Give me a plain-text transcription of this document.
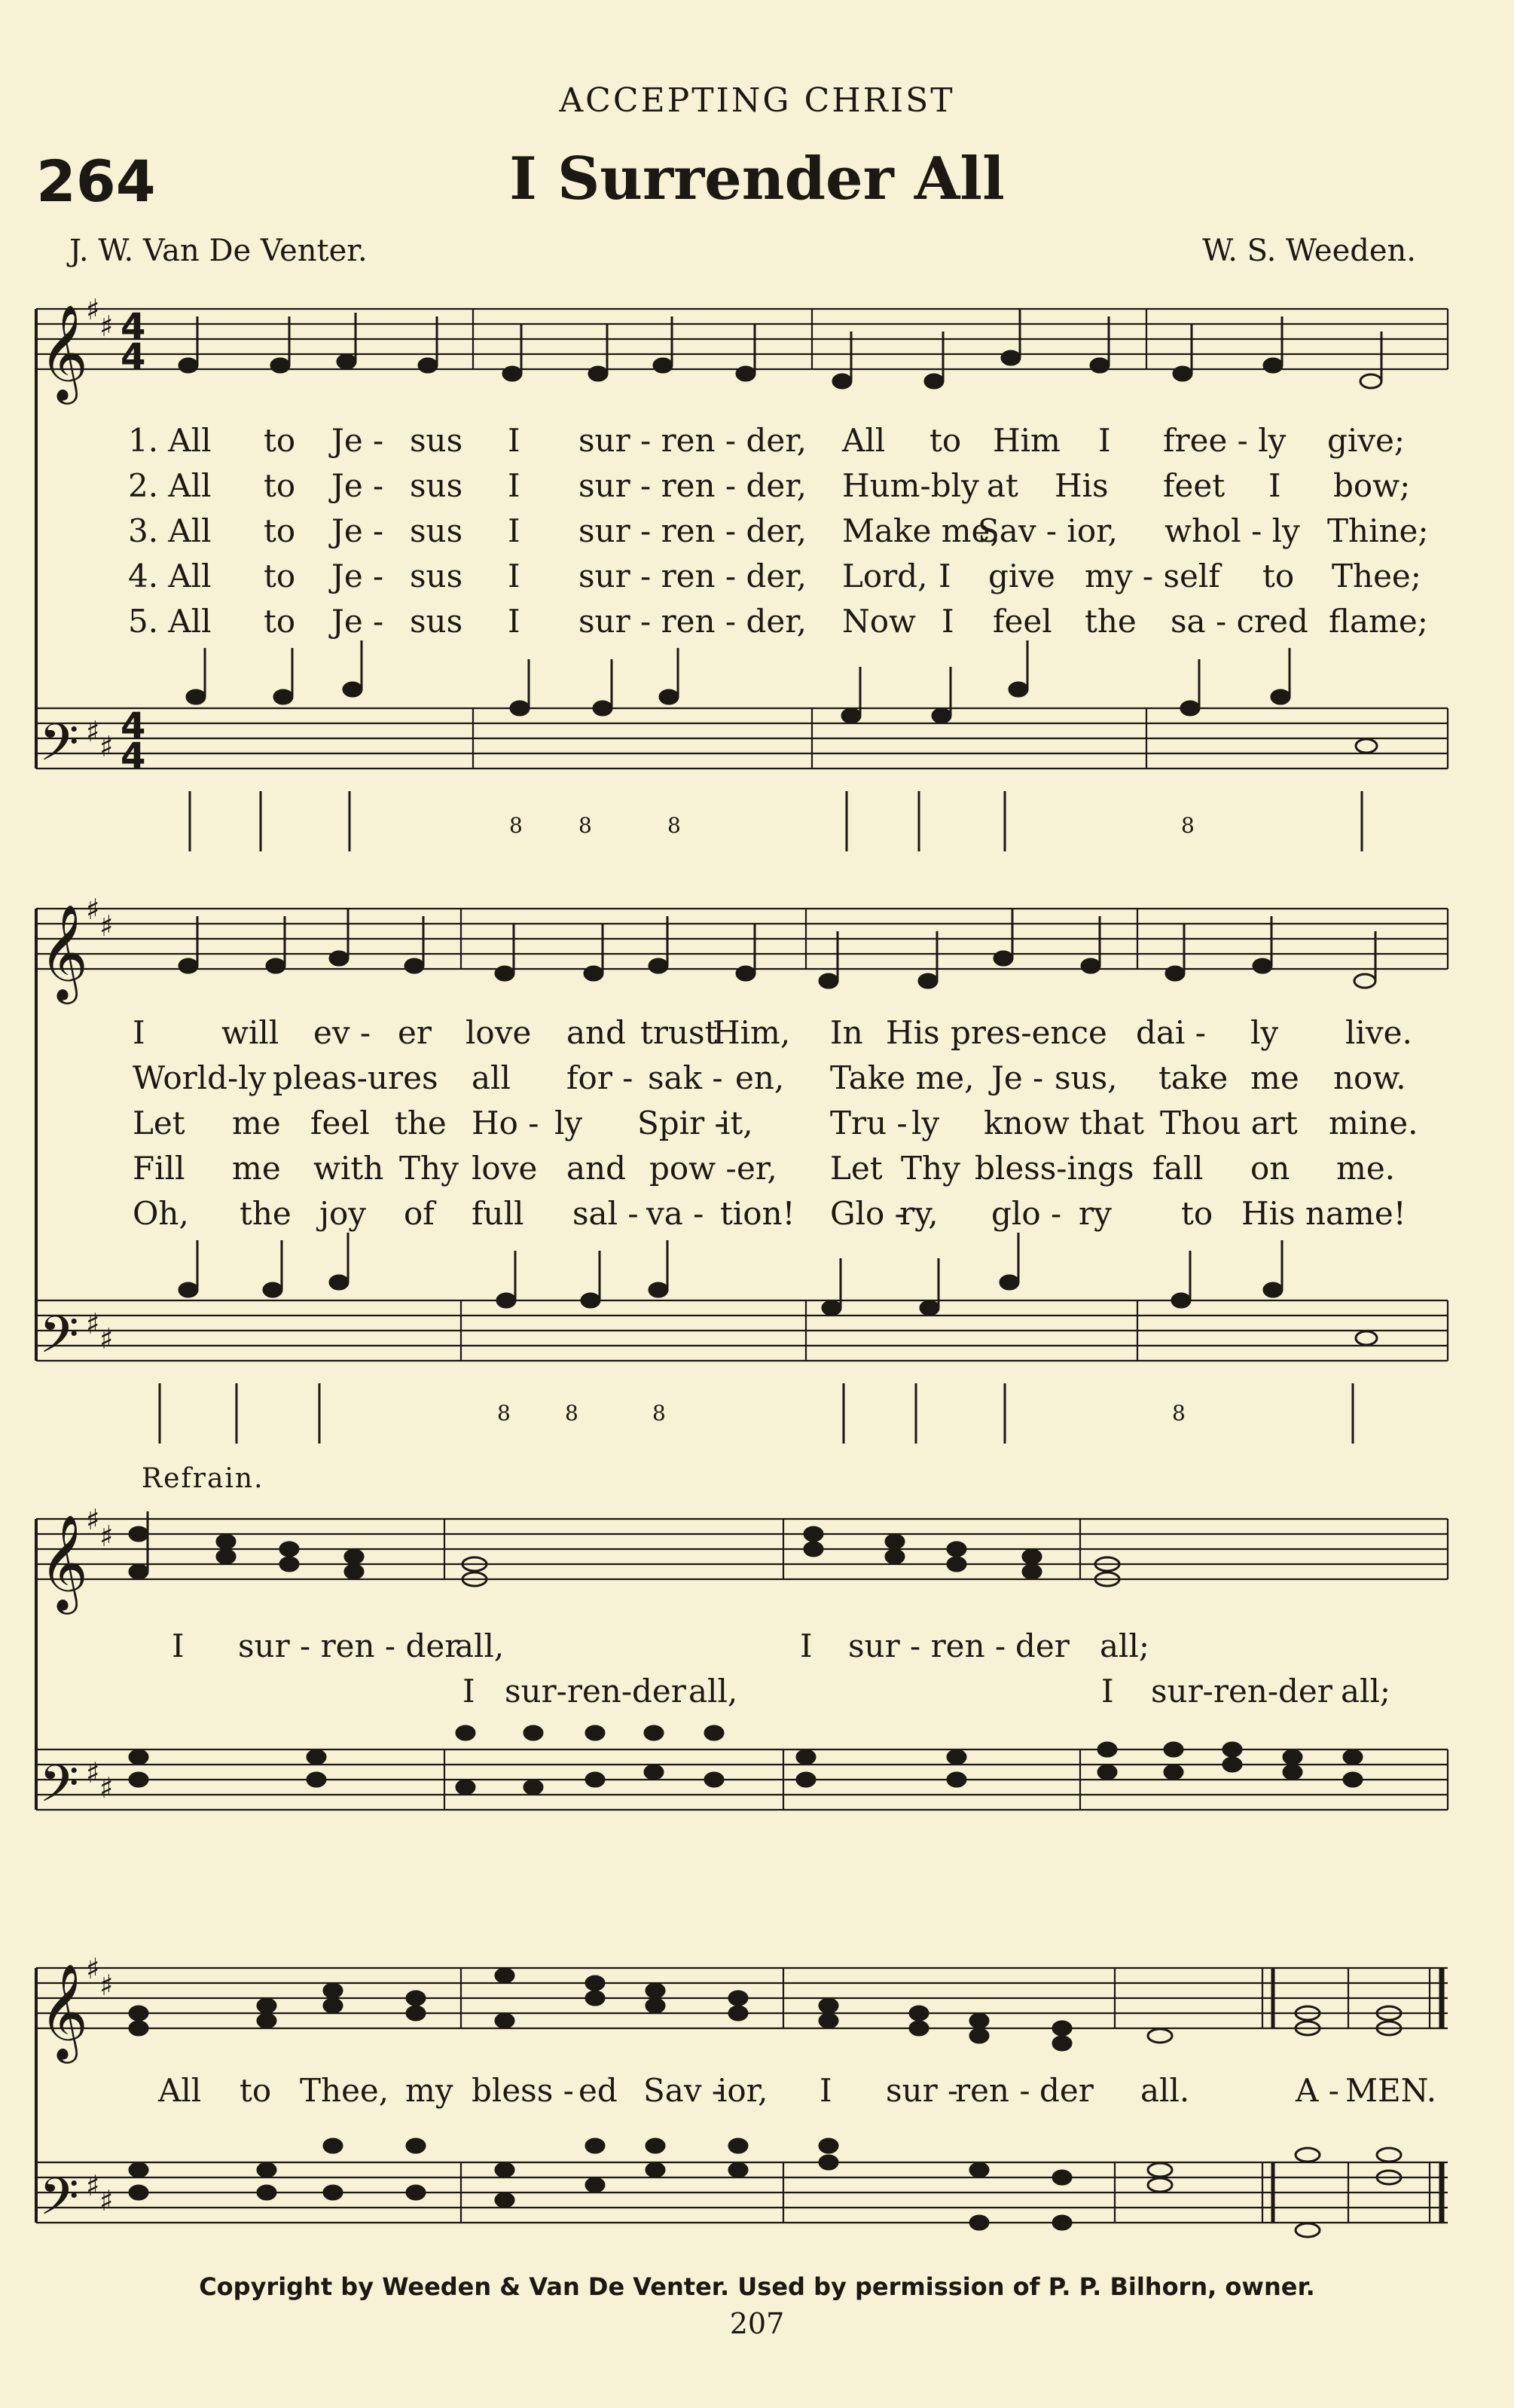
ACCEPTING CHRIST
264	I Surrender All
J. W. Van De Venter.	W. S. Weeden.
𝄞
𝄢
𝄞
𝄢
𝄞
𝄢
𝄞
𝄢
♯ ♯
♯ ♯
♯ ♯
♯ ♯
♯ ♯
♯ ♯
♯ ♯
♯ ♯
4
4
4
4
8	8	8	8
8	8	8	8
1. All to Je - sus I sur - ren - der, All to Him I free - ly give;
2. All to Je - sus I sur - ren - der, Hum-bly at His feet I bow;
3. All to Je - sus I sur - ren - der, Make me,
Sav - ior, whol - ly Thine;
4. All to Je - sus I sur - ren - der, Lord, I give my - self to Thee;
5. All to Je - sus I sur - ren - der, Now I feel the sa - cred flame;
I will ev - er love and trust
Him, In His pres-ence dai - ly live.
World-ly pleas-ures all for - sak - en, Take me, Je - sus, take me now.
Let me feel the Ho - ly Spir -
it, Tru - ly know that Thou art mine.
Fill me with Thy love and pow - er, Let Thy bless-ings fall on me.
Oh, the joy of full sal - va - tion! Glo -
ry, glo - ry to His name!
Refrain.
I sur - ren - der
all,	I sur - ren - der all;
I sur-ren-der all,	I sur-ren-der all;
All to Thee, my bless - ed Sav -
ior, I sur -
ren - der all.	A - MEN.
Copyright by Weeden & Van De Venter. Used by permission of P. P. Bilhorn, owner.
207
